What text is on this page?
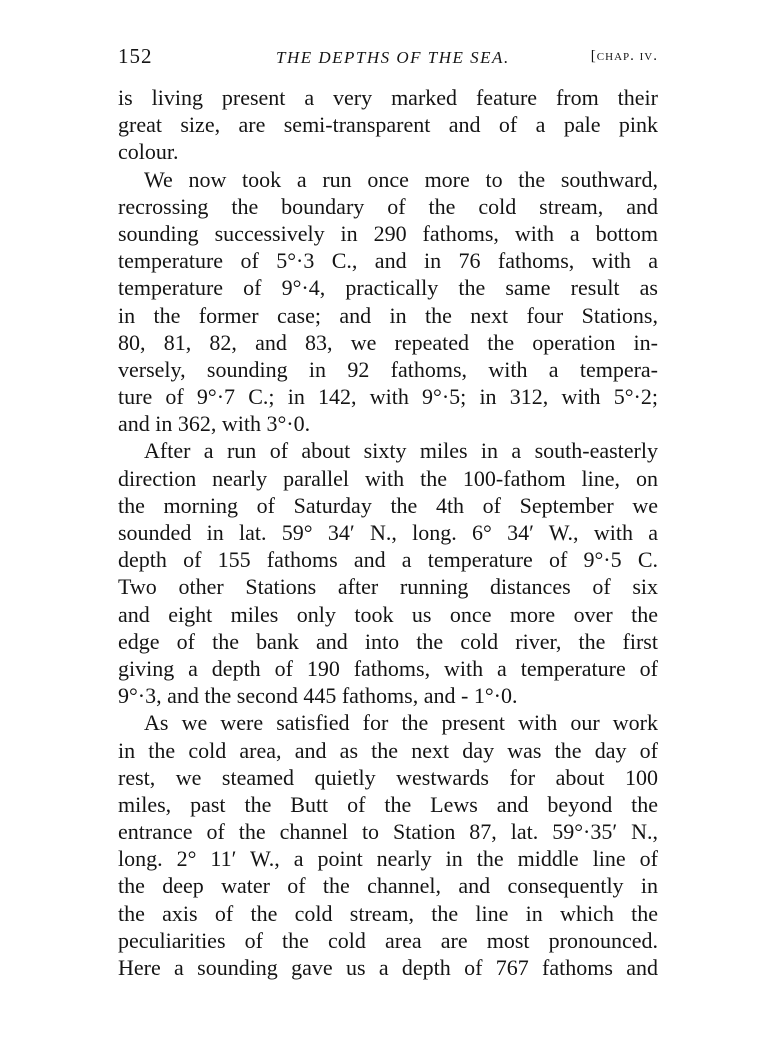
152	THE DEPTHS OF THE SEA.	[chap. iv.
is living present a very marked feature from their
great size, are semi-transparent and of a pale pink
colour.
We now took a run once more to the southward,
recrossing the boundary of the cold stream, and
sounding successively in 290 fathoms, with a bottom
temperature of 5°·3 C., and in 76 fathoms, with a
temperature of 9°·4, practically the same result as
in the former case; and in the next four Stations,
80, 81, 82, and 83, we repeated the operation in-
versely, sounding in 92 fathoms, with a tempera-
ture of 9°·7 C.; in 142, with 9°·5; in 312, with 5°·2;
and in 362, with 3°·0.
After a run of about sixty miles in a south-easterly
direction nearly parallel with the 100-fathom line, on
the morning of Saturday the 4th of September we
sounded in lat. 59° 34′ N., long. 6° 34′ W., with a
depth of 155 fathoms and a temperature of 9°·5 C.
Two other Stations after running distances of six
and eight miles only took us once more over the
edge of the bank and into the cold river, the first
giving a depth of 190 fathoms, with a temperature of
9°·3, and the second 445 fathoms, and - 1°·0.
As we were satisfied for the present with our work
in the cold area, and as the next day was the day of
rest, we steamed quietly westwards for about 100
miles, past the Butt of the Lews and beyond the
entrance of the channel to Station 87, lat. 59°·35′ N.,
long. 2° 11′ W., a point nearly in the middle line of
the deep water of the channel, and consequently in
the axis of the cold stream, the line in which the
peculiarities of the cold area are most pronounced.
Here a sounding gave us a depth of 767 fathoms and
